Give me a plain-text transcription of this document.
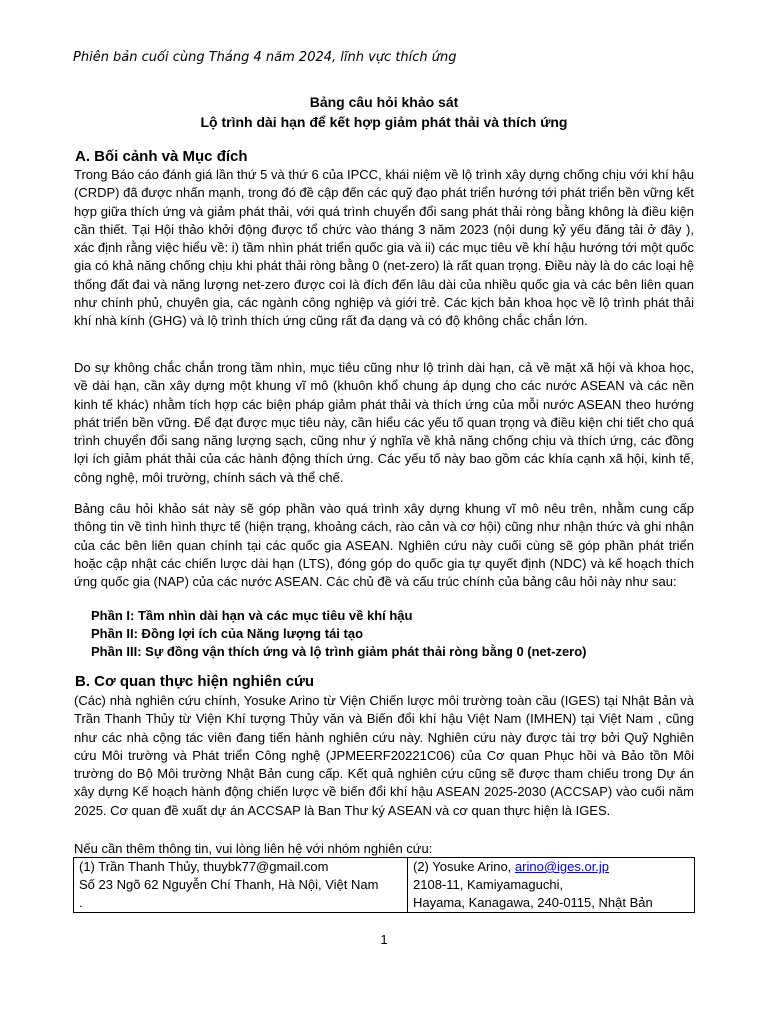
Phiên bản cuối cùng Tháng 4 năm 2024, lĩnh vực thích ứng
Bảng câu hỏi khảo sát
Lộ trình dài hạn để kết hợp giảm phát thải và thích ứng
A. Bối cảnh và Mục đích

Trong Báo cáo đánh giá lần thứ 5 và thứ 6 của IPCC, khái niệm về lộ trình xây dựng chống chịu với khí hậu (CRDP) đã được nhấn mạnh, trong đó đề cập đến các quỹ đạo phát triển hướng tới phát triển bền vững kết hợp giữa thích ứng và giảm phát thải, với quá trình chuyển đổi sang phát thải ròng bằng không là điều kiện cần thiết. Tại Hội thảo khởi động được tổ chức vào tháng 3 năm 2023 (nội dung kỷ yếu đăng tải ở đây ), xác định rằng việc hiểu về: i) tầm nhìn phát triển quốc gia và ii) các mục tiêu về khí hậu hướng tới một quốc gia có khả năng chống chịu khi phát thải ròng bằng 0 (net-zero) là rất quan trọng. Điều này là do các loại hệ thống đất đai và năng lượng net-zero được coi là đích đến lâu dài của nhiều quốc gia và các bên liên quan như chính phủ, chuyên gia, các ngành công nghiệp và giới trẻ. Các kịch bản khoa học về lộ trình phát thải khí nhà kính (GHG) và lộ trình thích ứng cũng rất đa dạng và có độ không chắc chắn lớn.

Do sự không chắc chắn trong tầm nhìn, mục tiêu cũng như lộ trình dài hạn, cả về mặt xã hội và khoa học, về dài hạn, cần xây dựng một khung vĩ mô (khuôn khổ chung áp dụng cho các nước ASEAN và các nền kinh tế khác) nhằm tích hợp các biện pháp giảm phát thải và thích ứng của mỗi nước ASEAN theo hướng phát triển bền vững. Để đạt được mục tiêu này, cần hiểu các yếu tố quan trọng và điều kiện chi tiết cho quá trình chuyển đổi sang năng lượng sạch, cũng như ý nghĩa về khả năng chống chịu và thích ứng, các đồng lợi ích giảm phát thải của các hành động thích ứng. Các yếu tố này bao gồm các khía cạnh xã hội, kinh tế, công nghệ, môi trường, chính sách và thể chế.

Bảng câu hỏi khảo sát này sẽ góp phần vào quá trình xây dựng khung vĩ mô nêu trên, nhằm cung cấp thông tin về tình hình thực tế (hiện trạng, khoảng cách, rào cản và cơ hội) cũng như nhận thức và ghi nhận của các bên liên quan chính tại các quốc gia ASEAN. Nghiên cứu này cuối cùng sẽ góp phần phát triển hoặc cập nhật các chiến lược dài hạn (LTS), đóng góp do quốc gia tự quyết định (NDC) và kế hoạch thích ứng quốc gia (NAP) của các nước ASEAN. Các chủ đề và cấu trúc chính của bảng câu hỏi này như sau:

Phần I: Tầm nhìn dài hạn và các mục tiêu về khí hậu
Phần II: Đồng lợi ích của Năng lượng tái tạo
Phần III: Sự đồng vận thích ứng và lộ trình giảm phát thải ròng bằng 0 (net-zero)
B. Cơ quan thực hiện nghiên cứu

(Các) nhà nghiên cứu chính, Yosuke Arino từ Viện Chiến lược môi trường toàn cầu (IGES) tại Nhật Bản và Trần Thanh Thủy từ Viện Khí tượng Thủy văn và Biến đổi khí hậu Việt Nam (IMHEN) tại Việt Nam , cũng như các nhà cộng tác viên đang tiến hành nghiên cứu này. Nghiên cứu này được tài trợ bởi Quỹ Nghiên cứu Môi trường và Phát triển Công nghệ (JPMEERF20221C06) của Cơ quan Phục hồi và Bảo tồn Môi trường do Bộ Môi trường Nhật Bản cung cấp. Kết quả nghiên cứu cũng sẽ được tham chiếu trong Dự án xây dựng Kế hoạch hành động chiến lược về biến đổi khí hậu ASEAN 2025-2030 (ACCSAP) vào cuối năm 2025. Cơ quan đề xuất dự án ACCSAP là Ban Thư ký ASEAN và cơ quan thực hiện là IGES.

Nếu cần thêm thông tin, vui lòng liên hệ với nhóm nghiên cứu:

(1) Trần Thanh Thủy, thuybk77@gmail.com
Số 23 Ngõ 62 Nguyễn Chí Thanh, Hà Nội, Việt Nam
.

(2) Yosuke Arino, arino@iges.or.jp
2108-11, Kamiyamaguchi,
Hayama, Kanagawa, 240-0115, Nhật Bản
1
